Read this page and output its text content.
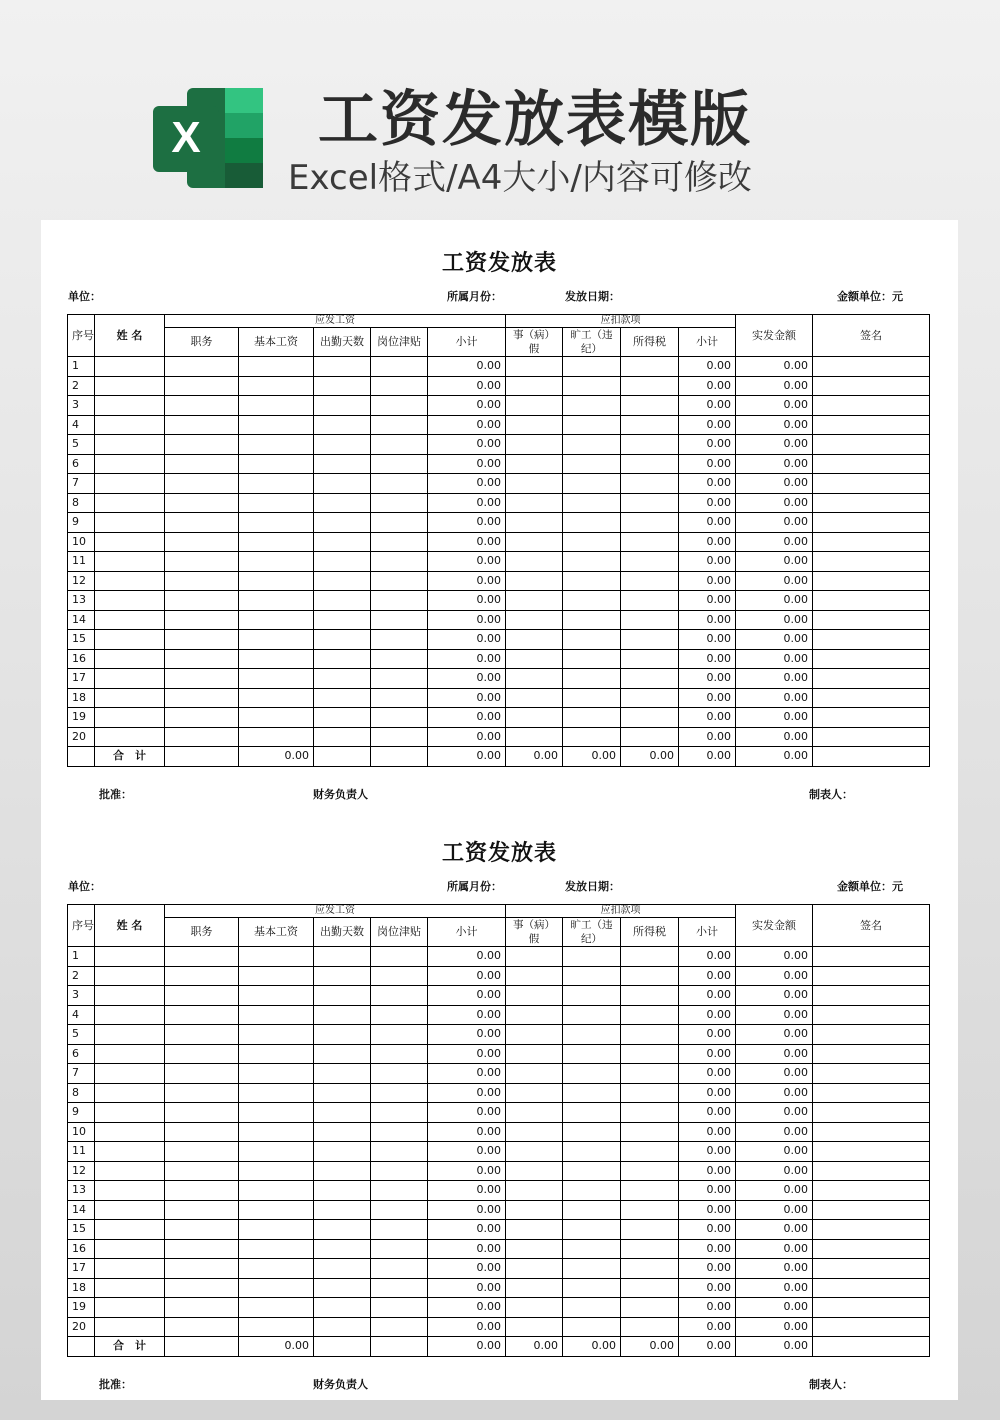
X 工资发放表模版
Excel格式/A4大小/内容可修改
工资发放表
单位：	所属月份：	发放日期：	金额单位：元
序号	姓 名	应发工资					应扣款项				实发金额	签名
		职务	基本工资	出勤天数	岗位津贴	小计	事（病）假	旷工（违纪）	所得税	小计		
1						0.00				0.00	0.00	
2						0.00				0.00	0.00	
3						0.00				0.00	0.00	
4						0.00				0.00	0.00	
5						0.00				0.00	0.00	
6						0.00				0.00	0.00	
7						0.00				0.00	0.00	
8						0.00				0.00	0.00	
9						0.00				0.00	0.00	
10						0.00				0.00	0.00	
11						0.00				0.00	0.00	
12						0.00				0.00	0.00	
13						0.00				0.00	0.00	
14						0.00				0.00	0.00	
15						0.00				0.00	0.00	
16						0.00				0.00	0.00	
17						0.00				0.00	0.00	
18						0.00				0.00	0.00	
19						0.00				0.00	0.00	
20						0.00				0.00	0.00	
	合　计		0.00			0.00	0.00	0.00	0.00	0.00	0.00	
批准：	财务负责人	制表人：
工资发放表
单位：	所属月份：	发放日期：	金额单位：元
序号	姓 名	应发工资					应扣款项				实发金额	签名
		职务	基本工资	出勤天数	岗位津贴	小计	事（病）假	旷工（违纪）	所得税	小计		
1						0.00				0.00	0.00	
2						0.00				0.00	0.00	
3						0.00				0.00	0.00	
4						0.00				0.00	0.00	
5						0.00				0.00	0.00	
6						0.00				0.00	0.00	
7						0.00				0.00	0.00	
8						0.00				0.00	0.00	
9						0.00				0.00	0.00	
10						0.00				0.00	0.00	
11						0.00				0.00	0.00	
12						0.00				0.00	0.00	
13						0.00				0.00	0.00	
14						0.00				0.00	0.00	
15						0.00				0.00	0.00	
16						0.00				0.00	0.00	
17						0.00				0.00	0.00	
18						0.00				0.00	0.00	
19						0.00				0.00	0.00	
20						0.00				0.00	0.00	
	合　计		0.00			0.00	0.00	0.00	0.00	0.00	0.00	
批准：	财务负责人	制表人：
